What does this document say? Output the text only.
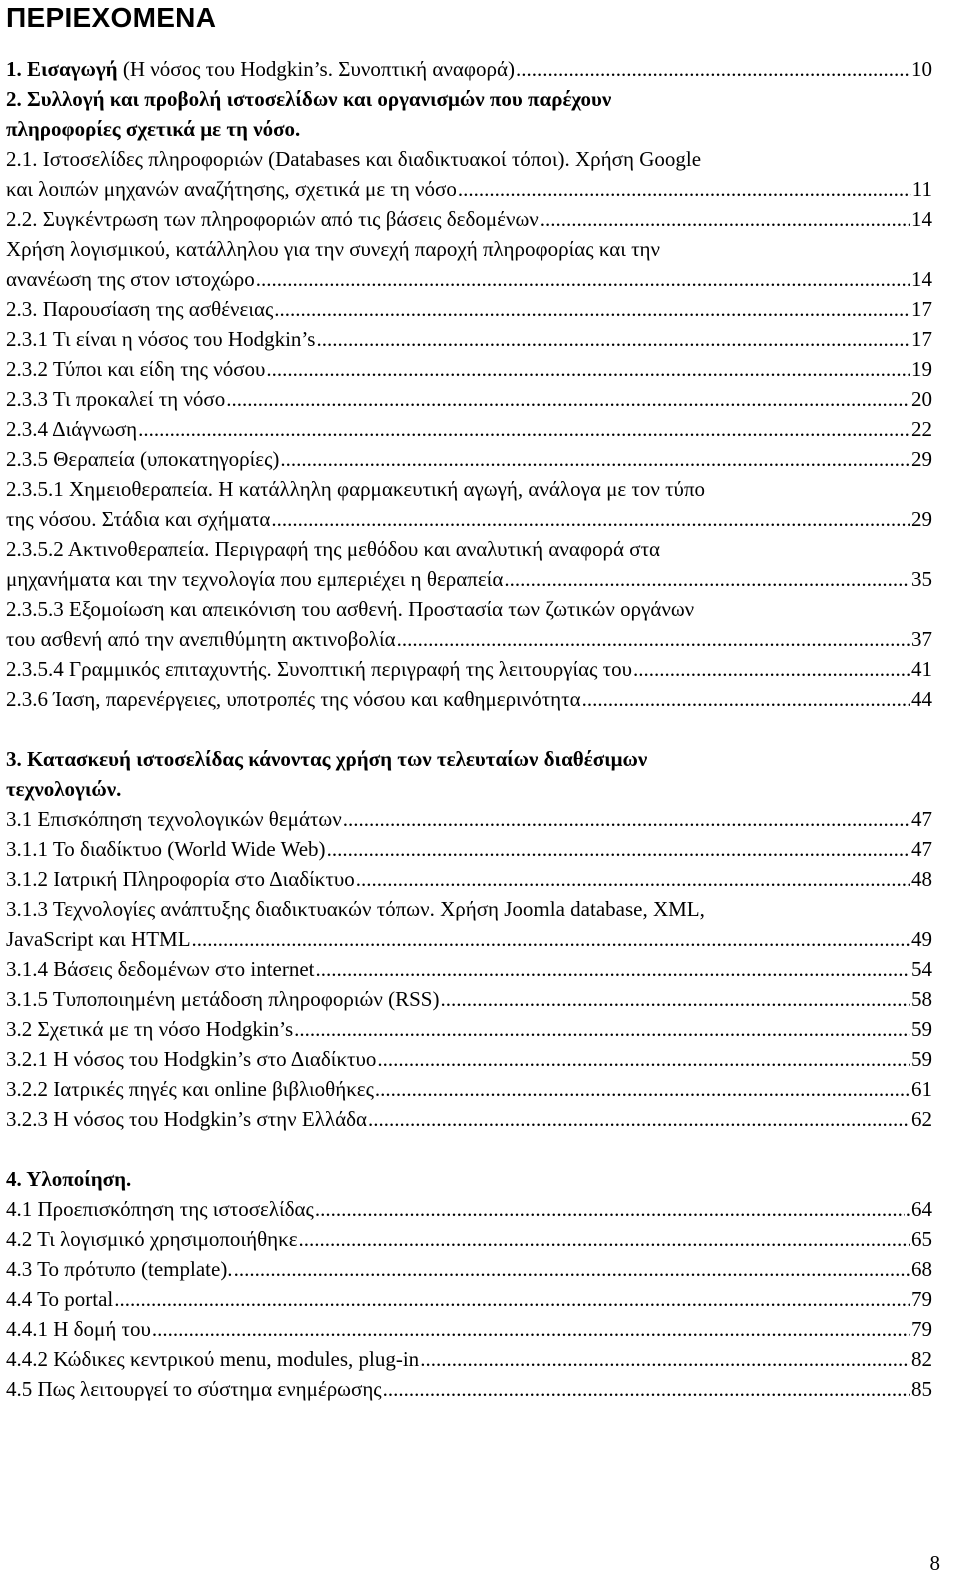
ΠΕΡΙΕΧΟΜΕΝΑ
1. Εισαγωγή (Η νόσος του Hodgkin’s. Συνοπτική αναφορά) .....	10
2. Συλλογή και προβολή ιστοσελίδων και οργανισμών που παρέχουν
πληροφορίες σχετικά με τη νόσο.
2.1. Ιστοσελίδες πληροφοριών (Databases και διαδικτυακοί τόποι). Χρήση Google
και λοιπών μηχανών αναζήτησης, σχετικά με τη νόσο .....	11
2.2. Συγκέντρωση των πληροφοριών από τις βάσεις δεδομένων .....	14
Χρήση λογισμικού, κατάλληλου για την συνεχή παροχή πληροφορίας και την
ανανέωση της στον ιστοχώρο .....	14
2.3. Παρουσίαση της ασθένειας .....	17
2.3.1 Τι είναι η νόσος του Hodgkin’s .....	17
2.3.2 Τύποι και είδη της νόσου .....	19
2.3.3 Τι προκαλεί τη νόσο .....	20
2.3.4 Διάγνωση .....	22
2.3.5 Θεραπεία (υποκατηγορίες) .....	29
2.3.5.1 Χημειοθεραπεία. Η κατάλληλη φαρμακευτική αγωγή, ανάλογα με τον τύπο
της νόσου. Στάδια και σχήματα .....	29
2.3.5.2 Ακτινοθεραπεία. Περιγραφή της μεθόδου και αναλυτική αναφορά στα
μηχανήματα και την τεχνολογία που εμπεριέχει η θεραπεία .....	35
2.3.5.3 Εξομοίωση και απεικόνιση του ασθενή. Προστασία των ζωτικών οργάνων
του ασθενή από την ανεπιθύμητη ακτινοβολία .....	37
2.3.5.4 Γραμμικός επιταχυντής. Συνοπτική περιγραφή της λειτουργίας του .....	41
2.3.6 Ίαση, παρενέργειες, υποτροπές της νόσου και καθημερινότητα .....	44
3. Κατασκευή ιστοσελίδας κάνοντας χρήση των τελευταίων διαθέσιμων
τεχνολογιών.
3.1 Επισκόπηση τεχνολογικών θεμάτων .....	47
3.1.1 Το διαδίκτυο (World Wide Web) .....	47
3.1.2 Ιατρική Πληροφορία στο Διαδίκτυο .....	48
3.1.3 Τεχνολογίες ανάπτυξης διαδικτυακών τόπων. Χρήση Joomla database, XML,
JavaScript και HTML .....	49
3.1.4 Βάσεις δεδομένων στο internet .....	54
3.1.5 Τυποποιημένη μετάδοση πληροφοριών (RSS) .....	58
3.2 Σχετικά με τη νόσο Hodgkin’s .....	59
3.2.1 Η νόσος του Hodgkin’s στο Διαδίκτυο .....	59
3.2.2 Ιατρικές πηγές και online βιβλιοθήκες .....	61
3.2.3 Η νόσος του Hodgkin’s στην Ελλάδα .....	62
4. Υλοποίηση.
4.1 Προεπισκόπηση της ιστοσελίδας .....	.64
4.2 Τι λογισμικό χρησιμοποιήθηκε .....	65
4.3 Το πρότυπο (template). .....	68
4.4 Το portal .....	79
4.4.1 Η δομή του .....	79
4.4.2 Κώδικες κεντρικού menu, modules, plug-in .....	82
4.5 Πως λειτουργεί το σύστημα ενημέρωσης .....	85
8
